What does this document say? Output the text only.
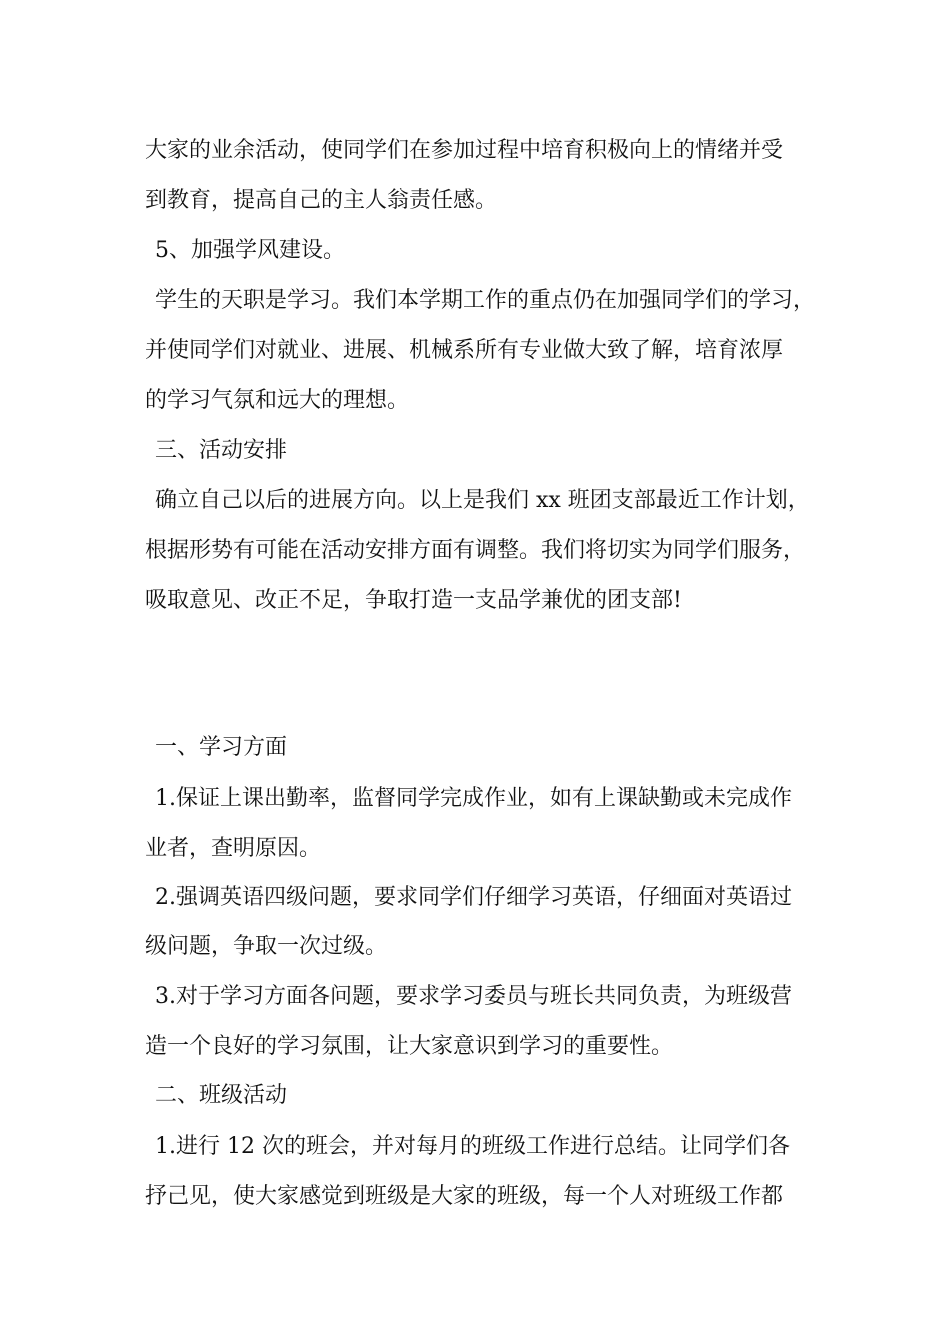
大家的业余活动，使同学们在参加过程中培育积极向上的情绪并受
到教育，提高自己的主人翁责任感。
5、加强学风建设。
学生的天职是学习。我们本学期工作的重点仍在加强同学们的学习，
并使同学们对就业、进展、机械系所有专业做大致了解，培育浓厚
的学习气氛和远大的理想。
三、活动安排
确立自己以后的进展方向。以上是我们 xx 班团支部最近工作计划，
根据形势有可能在活动安排方面有调整。我们将切实为同学们服务，
吸取意见、改正不足，争取打造一支品学兼优的团支部!
一、学习方面
1.保证上课出勤率，监督同学完成作业，如有上课缺勤或未完成作
业者，查明原因。
2.强调英语四级问题，要求同学们仔细学习英语，仔细面对英语过
级问题，争取一次过级。
3.对于学习方面各问题，要求学习委员与班长共同负责，为班级营
造一个良好的学习氛围，让大家意识到学习的重要性。
二、班级活动
1.进行 12 次的班会，并对每月的班级工作进行总结。让同学们各
抒己见，使大家感觉到班级是大家的班级，每一个人对班级工作都
